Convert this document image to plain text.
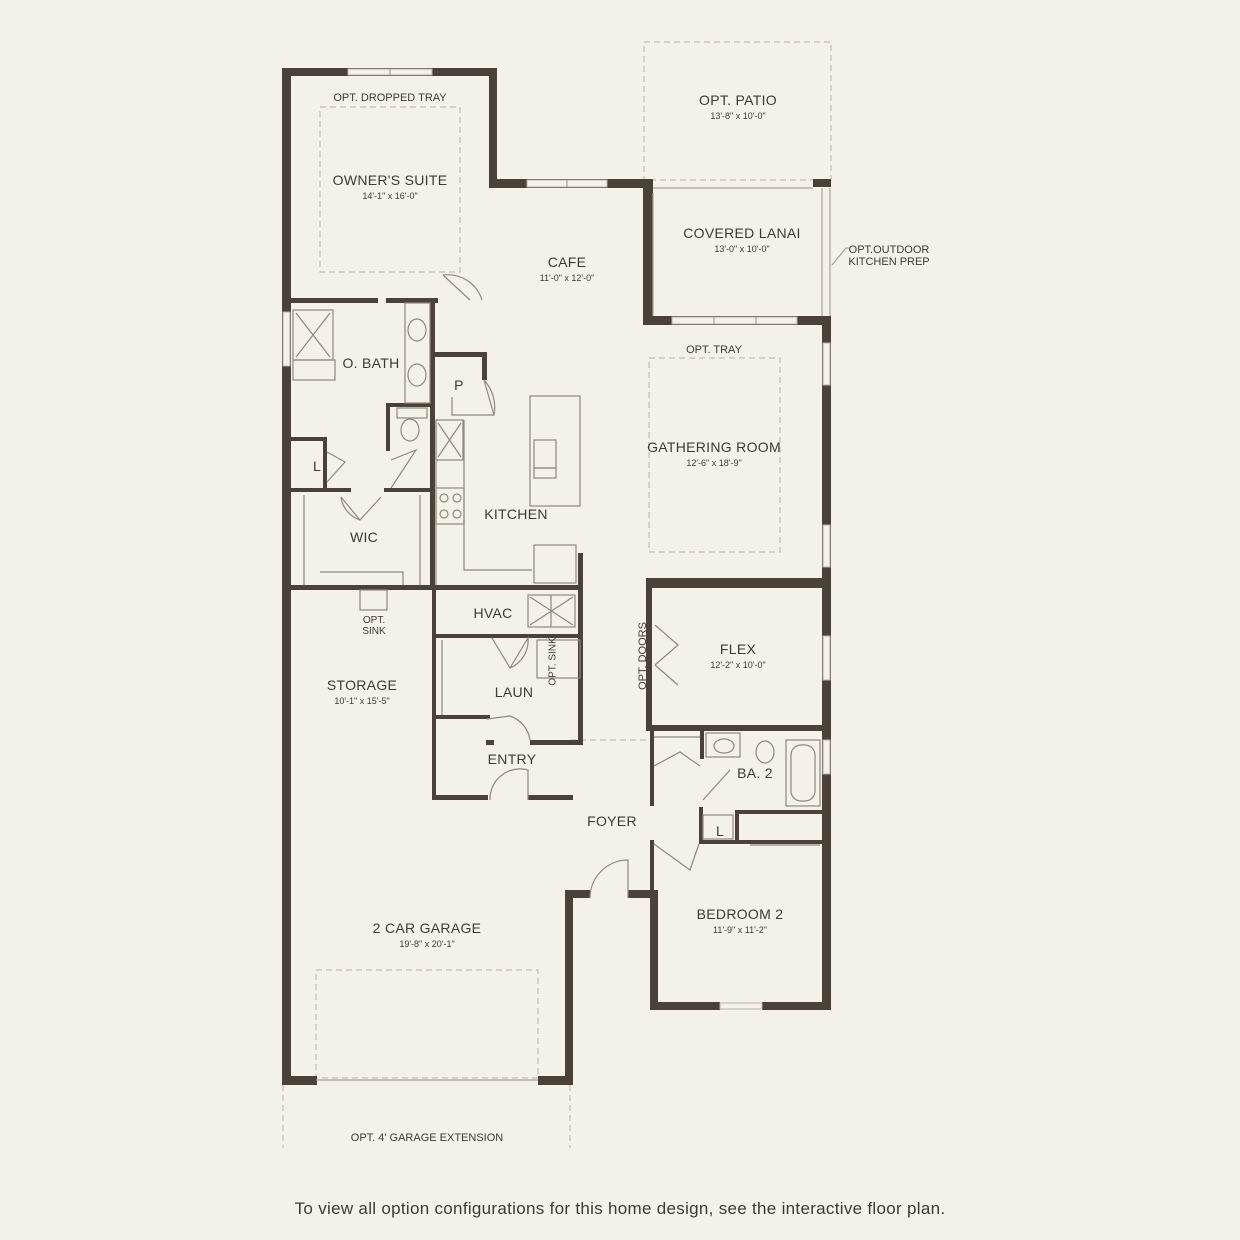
OPT. DROPPED TRAY
OWNER'S SUITE
14'-1" x 16'-0"
OPT. PATIO
13'-8" x 10'-0"
COVERED LANAI
13'-0" x 10'-0"	OPT.OUTDOOR
KITCHEN PREP
CAFE
11'-0" x 12'-0"
OPT. TRAY
GATHERING ROOM
12'-6" x 18'-9"
O. BATH
P
L
WIC
KITCHEN
HVAC
OPT.
SINK
OPT. SINK
STORAGE
10'-1" x 15'-5"
LAUN
OPT. DOORS	FLEX
12'-2" x 10'-0"
ENTRY
BA. 2
L
FOYER
BEDROOM 2
11'-9" x 11'-2"
2 CAR GARAGE
19'-8" x 20'-1"
OPT. 4' GARAGE EXTENSION
To view all option configurations for this home design, see the interactive floor plan.
